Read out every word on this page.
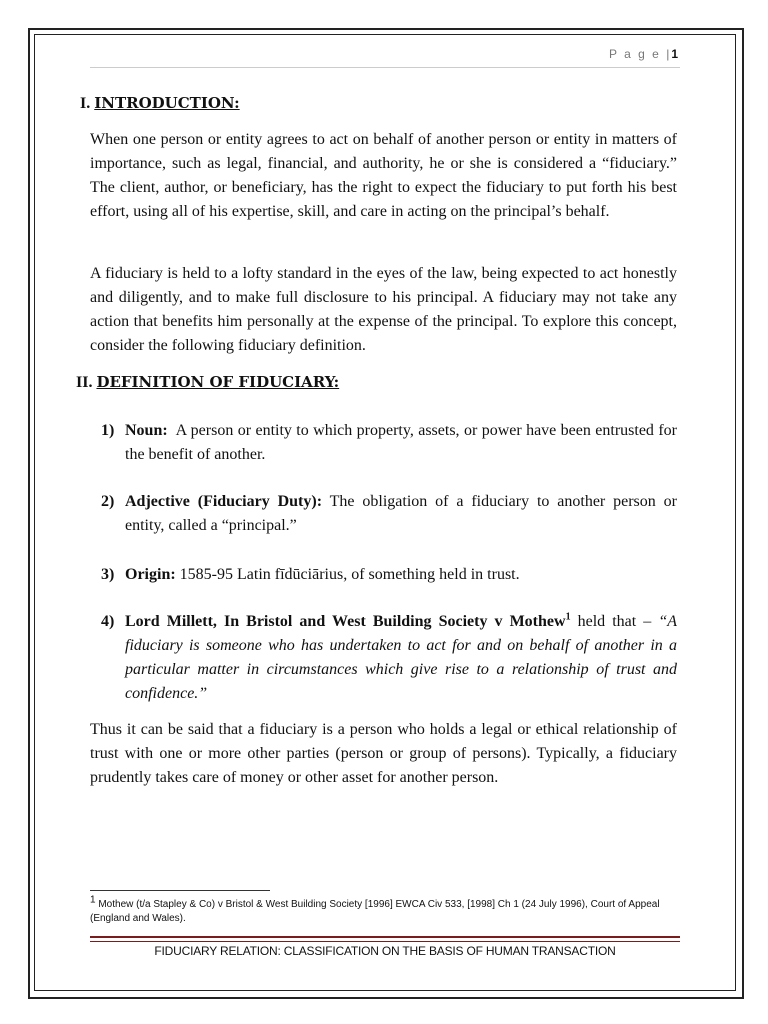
P a g e |1
I. INTRODUCTION:

When one person or entity agrees to act on behalf of another person or entity in matters of importance, such as legal, financial, and authority, he or she is considered a “fiduciary.” The client, author, or beneficiary, has the right to expect the fiduciary to put forth his best effort, using all of his expertise, skill, and care in acting on the principal’s behalf.

A fiduciary is held to a lofty standard in the eyes of the law, being expected to act honestly and diligently, and to make full disclosure to his principal. A fiduciary may not take any action that benefits him personally at the expense of the principal. To explore this concept, consider the following fiduciary definition.

II. DEFINITION OF FIDUCIARY:
1) Noun:  A person or entity to which property, assets, or power have been entrusted for the benefit of another.
2) Adjective (Fiduciary Duty): The obligation of a fiduciary to another person or entity, called a “principal.”
3) Origin: 1585-95 Latin fīdūciārius, of something held in trust.
4) Lord Millett, In Bristol and West Building Society v Mothew$^1$ held that – “A fiduciary is someone who has undertaken to act for and on behalf of another in a particular matter in circumstances which give rise to a relationship of trust and confidence.”

Thus it can be said that a fiduciary is a person who holds a legal or ethical relationship of trust with one or more other parties (person or group of persons). Typically, a fiduciary prudently takes care of money or other asset for another person.

$^1$ Mothew (t/a Stapley & Co) v Bristol & West Building Society [1996] EWCA Civ 533, [1998] Ch 1 (24 July 1996), Court of Appeal (England and Wales).
FIDUCIARY RELATION: CLASSIFICATION ON THE BASIS OF HUMAN TRANSACTION
